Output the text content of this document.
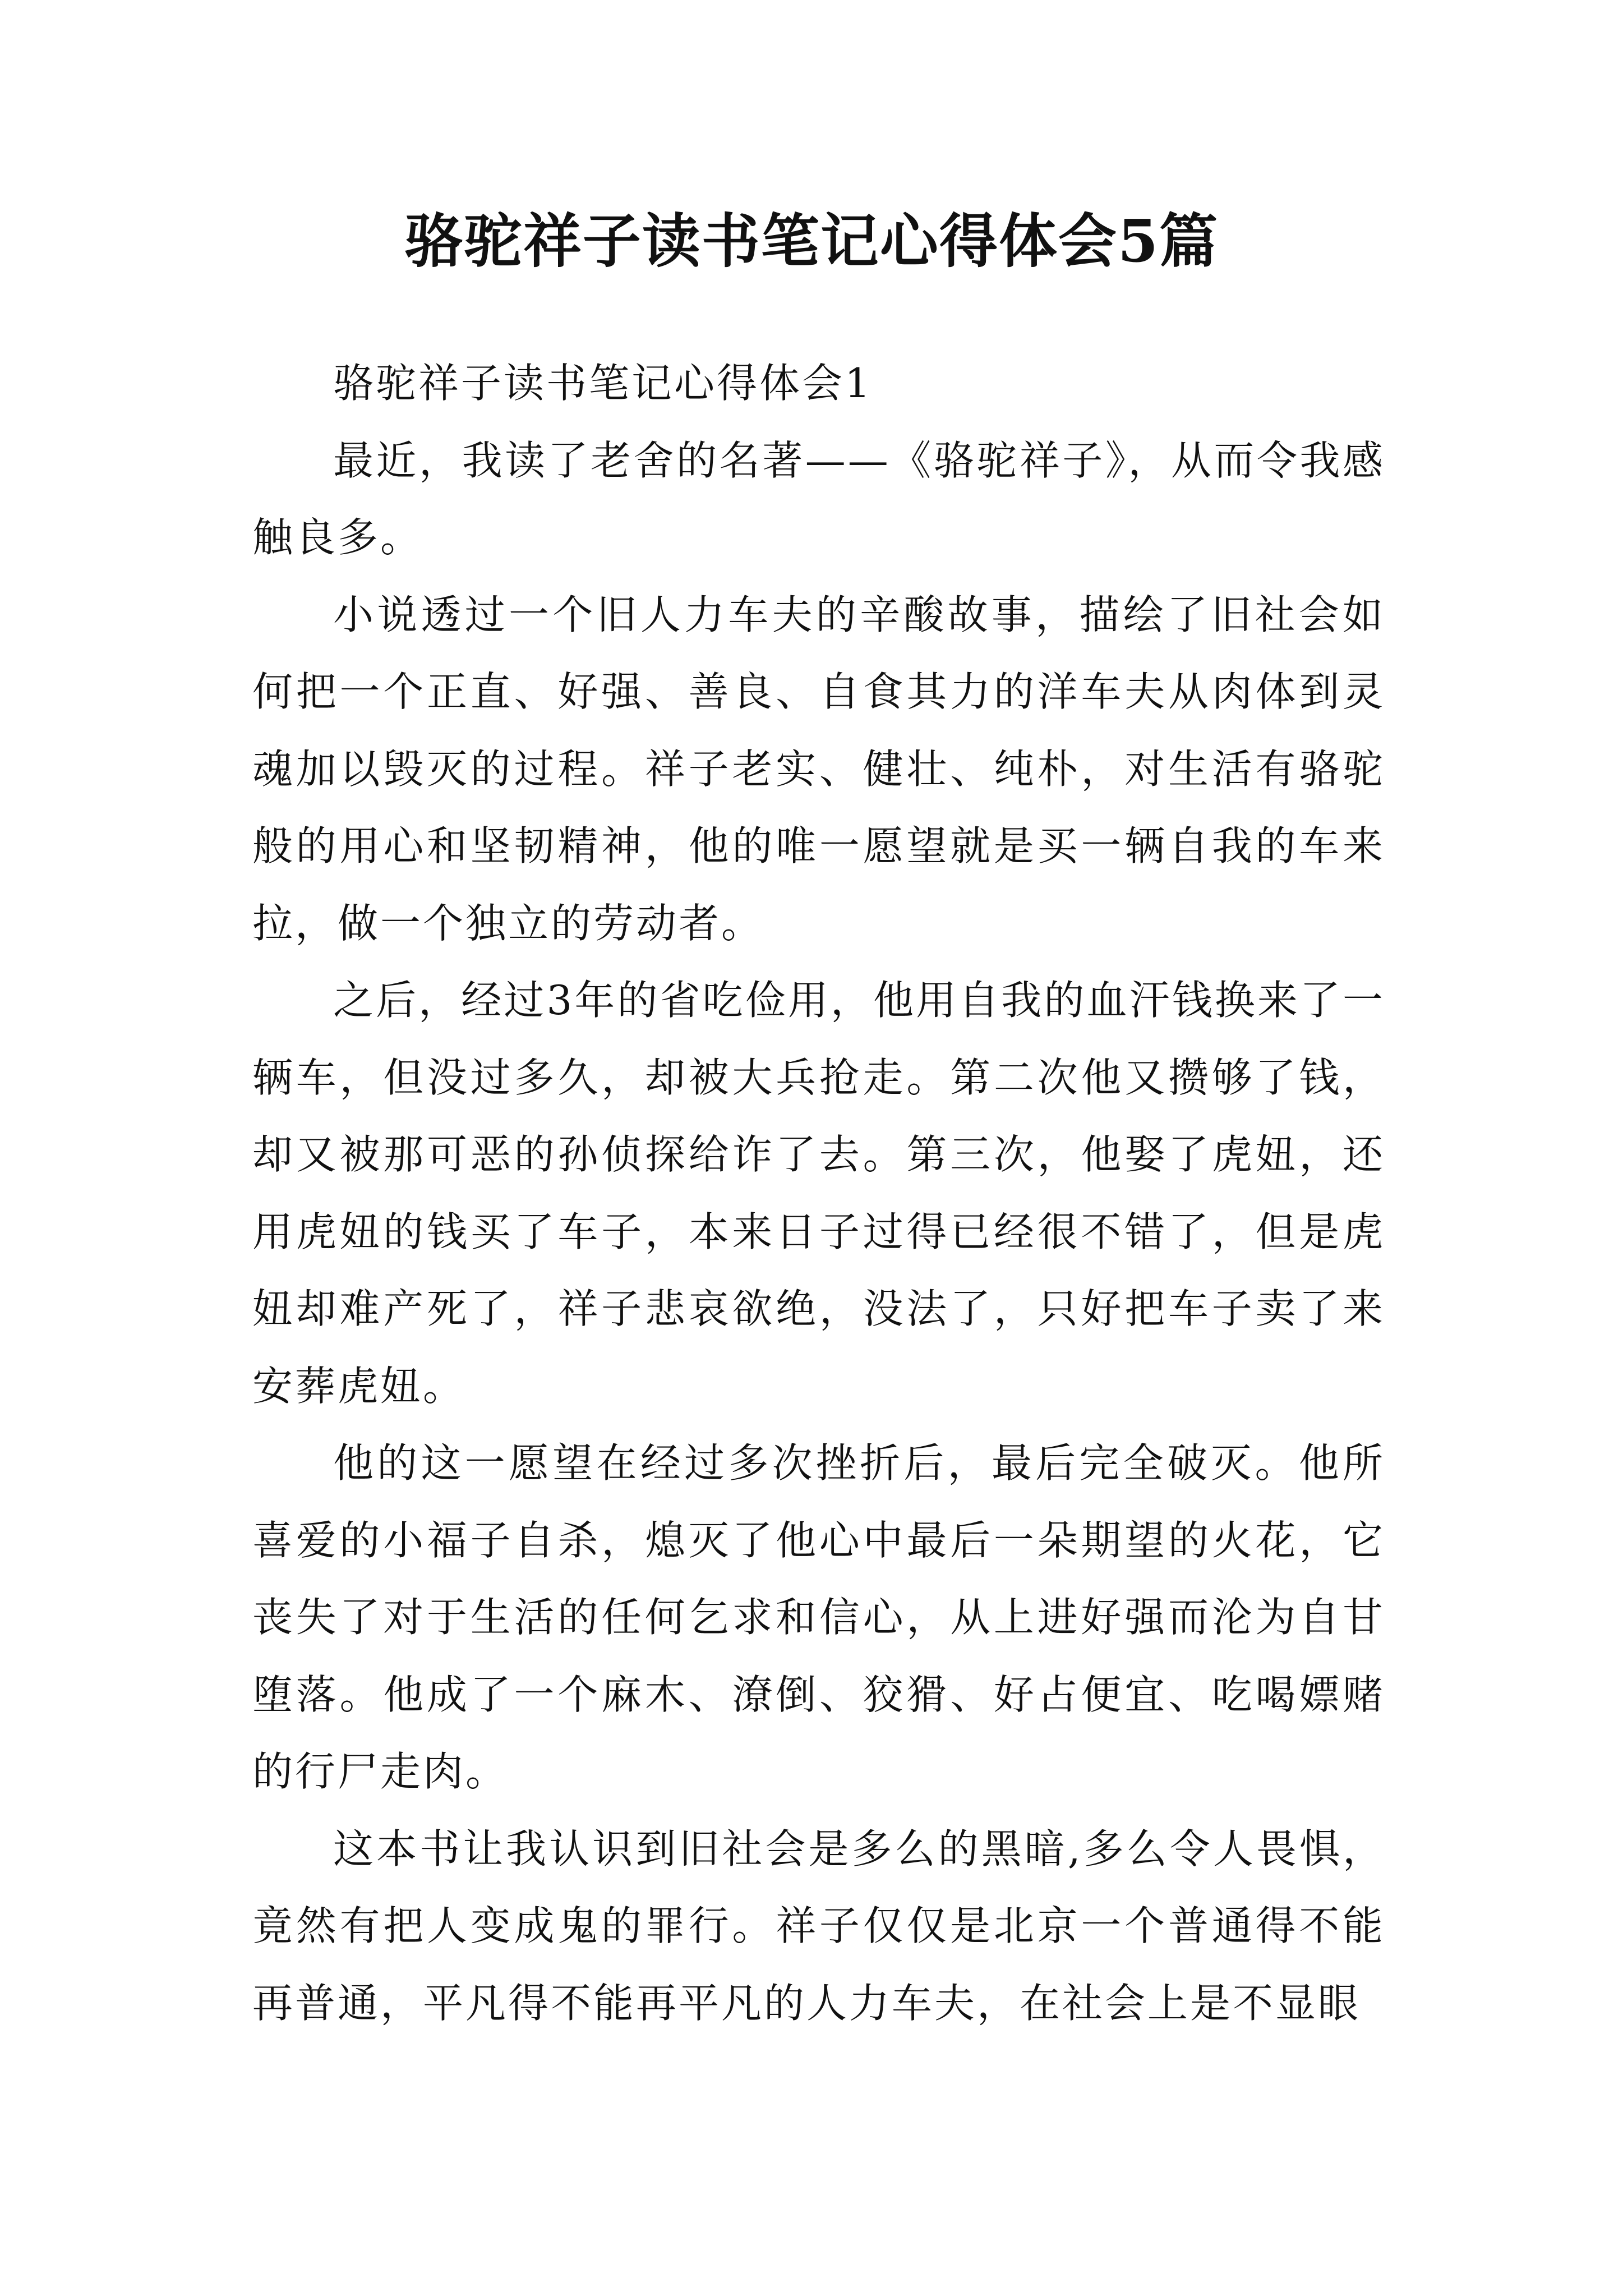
骆驼祥子读书笔记心得体会5篇

骆驼祥子读书笔记心得体会1

最近，我读了老舍的名著——《骆驼祥子》，从而令我感触良多。

小说透过一个旧人力车夫的辛酸故事，描绘了旧社会如何把一个正直、好强、善良、自食其力的洋车夫从肉体到灵魂加以毁灭的过程。祥子老实、健壮、纯朴，对生活有骆驼般的用心和坚韧精神，他的唯一愿望就是买一辆自我的车来拉，做一个独立的劳动者。

之后，经过3年的省吃俭用，他用自我的血汗钱换来了一辆车，但没过多久，却被大兵抢走。第二次他又攒够了钱，却又被那可恶的孙侦探给诈了去。第三次，他娶了虎妞，还用虎妞的钱买了车子，本来日子过得已经很不错了，但是虎妞却难产死了，祥子悲哀欲绝，没法了，只好把车子卖了来安葬虎妞。

他的这一愿望在经过多次挫折后，最后完全破灭。他所喜爱的小福子自杀，熄灭了他心中最后一朵期望的火花，它丧失了对于生活的任何乞求和信心，从上进好强而沦为自甘堕落。他成了一个麻木、潦倒、狡猾、好占便宜、吃喝嫖赌的行尸走肉。

这本书让我认识到旧社会是多么的黑暗,多么令人畏惧，竟然有把人变成鬼的罪行。祥子仅仅是北京一个普通得不能再普通，平凡得不能再平凡的人力车夫，在社会上是不显眼
